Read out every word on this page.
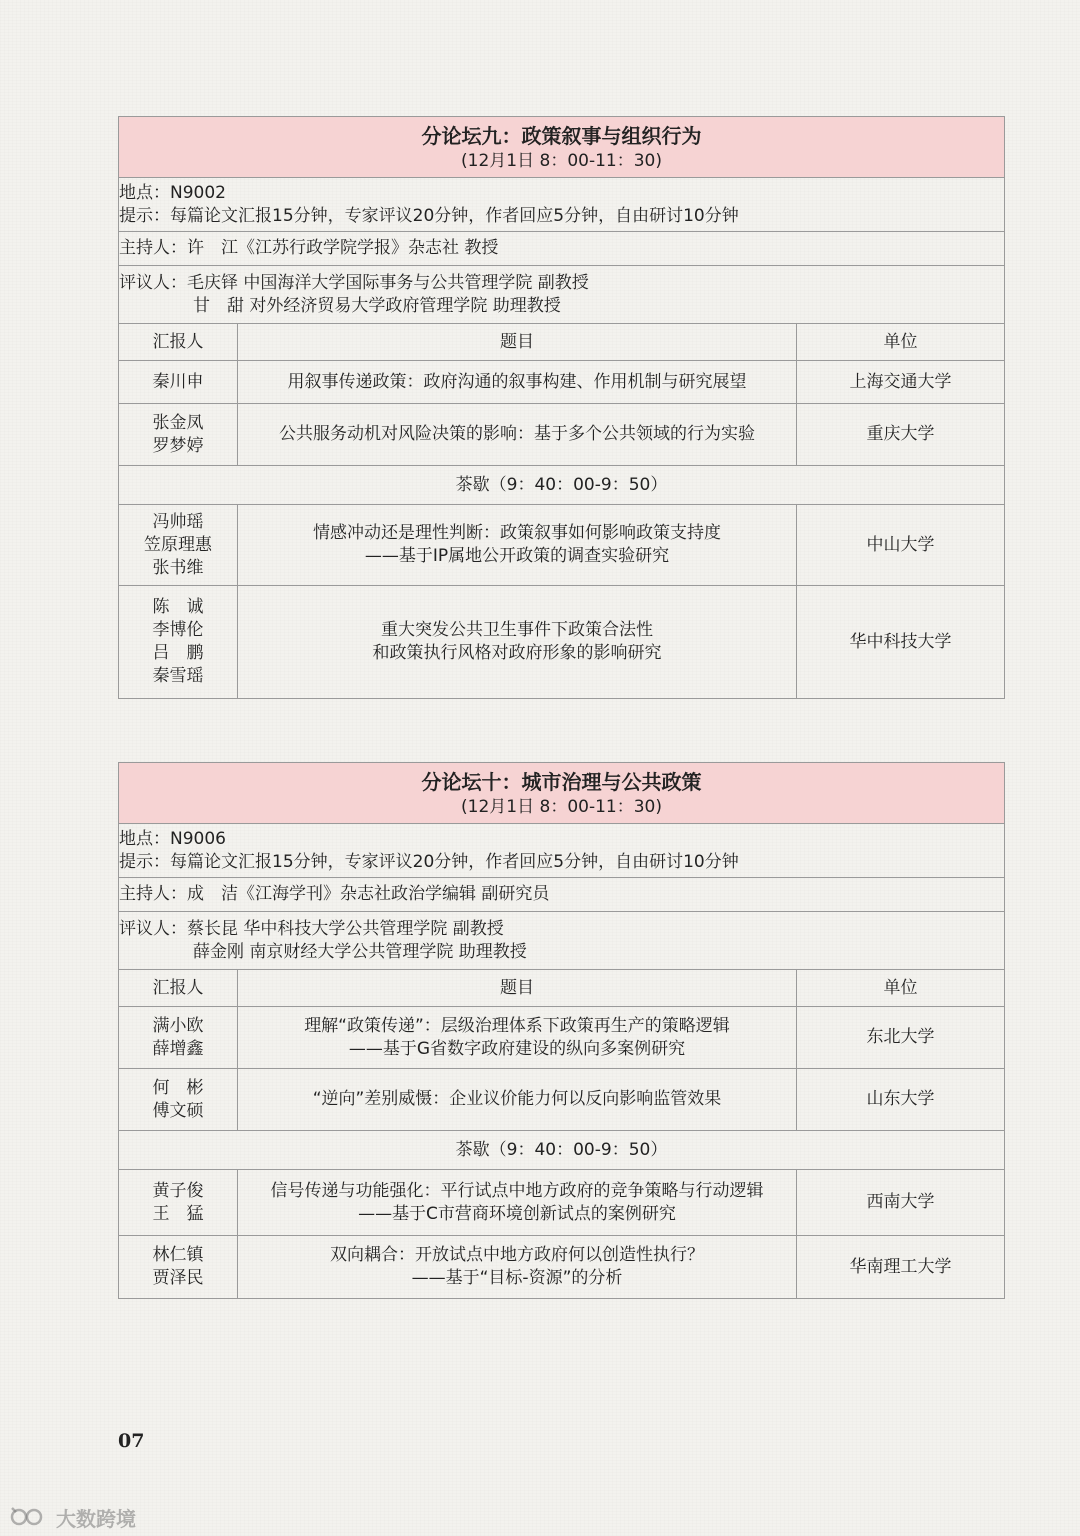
分论坛九：政策叙事与组织行为
(12月1日 8：00-11：30)		

地点：N9002
提示：每篇论文汇报15分钟，专家评议20分钟，作者回应5分钟，自由研讨10分钟		

主持人：许　江《江苏行政学院学报》杂志社 教授		

评议人：毛庆铎 中国海洋大学国际事务与公共管理学院 副教授
甘　甜 对外经济贸易大学政府管理学院 助理教授		

汇报人	题目	单位

秦川申	用叙事传递政策：政府沟通的叙事构建、作用机制与研究展望	上海交通大学

张金凤
罗梦婷	公共服务动机对风险决策的影响：基于多个公共领域的行为实验	重庆大学
茶歇（9：40：00-9：50）		

冯帅瑶
笠原理惠
张书维	情感冲动还是理性判断：政策叙事如何影响政策支持度
——基于IP属地公开政策的调查实验研究	中山大学

陈　诚
李博伦
吕　鹏
秦雪瑶	重大突发公共卫生事件下政策合法性
和政策执行风格对政府形象的影响研究	华中科技大学
分论坛十：城市治理与公共政策
(12月1日 8：00-11：30)		

地点：N9006
提示：每篇论文汇报15分钟，专家评议20分钟，作者回应5分钟，自由研讨10分钟		

主持人：成　洁《江海学刊》杂志社政治学编辑 副研究员		

评议人：蔡长昆 华中科技大学公共管理学院 副教授
薛金刚 南京财经大学公共管理学院 助理教授		

汇报人	题目	单位

满小欧
薛增鑫	理解“政策传递”：层级治理体系下政策再生产的策略逻辑
——基于G省数字政府建设的纵向多案例研究	东北大学

何　彬
傅文硕	“逆向”差别威慑：企业议价能力何以反向影响监管效果	山东大学
茶歇（9：40：00-9：50）		

黄子俊
王　猛	信号传递与功能强化：平行试点中地方政府的竞争策略与行动逻辑
——基于C市营商环境创新试点的案例研究	西南大学

林仁镇
贾泽民	双向耦合：开放试点中地方政府何以创造性执行？
——基于“目标-资源”的分析	华南理工大学
07
大数跨境
